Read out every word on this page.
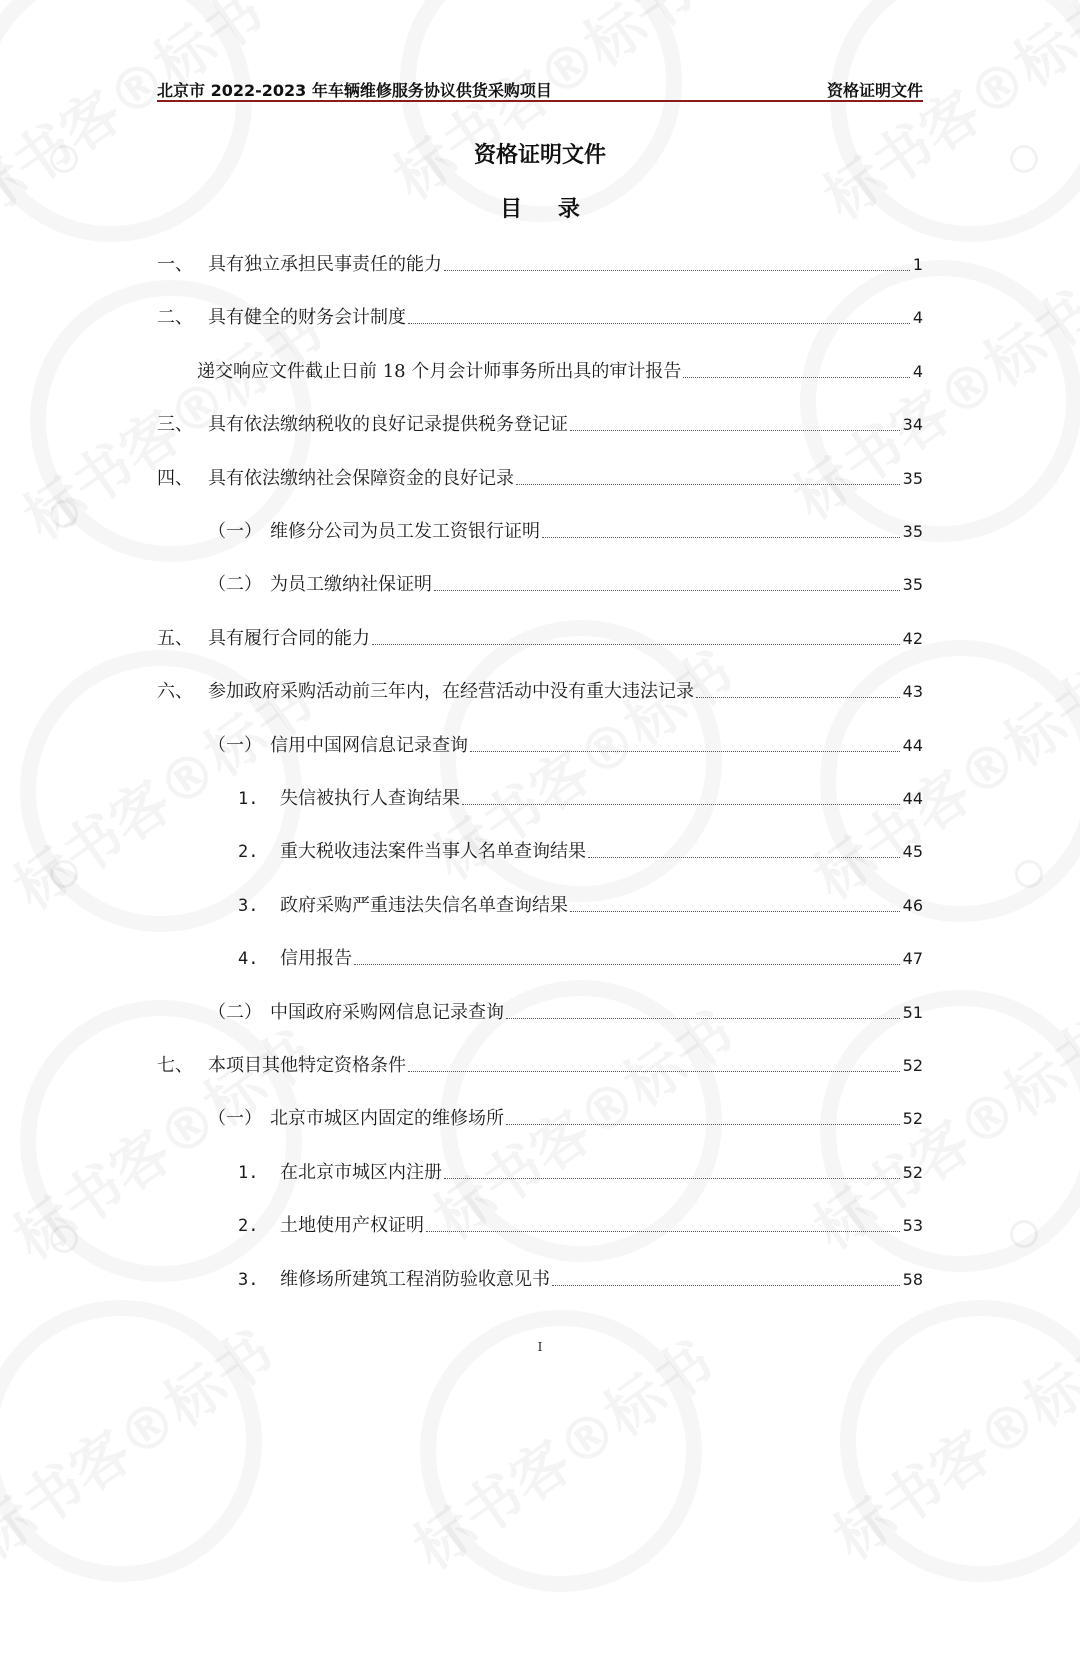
北京市 2022-2023 年车辆维修服务协议供货采购项目	资格证明文件
资格证明文件
目 录
一、 具有独立承担民事责任的能力	1
二、 具有健全的财务会计制度	4
递交响应文件截止日前 18 个月会计师事务所出具的审计报告	4
三、 具有依法缴纳税收的良好记录提供税务登记证	34
四、 具有依法缴纳社会保障资金的良好记录	35
（一） 维修分公司为员工发工资银行证明	35
（二） 为员工缴纳社保证明	35
五、 具有履行合同的能力	42
六、 参加政府采购活动前三年内，在经营活动中没有重大违法记录	43
（一） 信用中国网信息记录查询	44
1.	失信被执行人查询结果	44
2.	重大税收违法案件当事人名单查询结果	45
3.	政府采购严重违法失信名单查询结果	46
4.	信用报告	47
（二） 中国政府采购网信息记录查询	51
七、 本项目其他特定资格条件	52
（一） 北京市城区内固定的维修场所	52
1.	在北京市城区内注册	52
2.	土地使用产权证明	53
3.	维修场所建筑工程消防验收意见书	58
I
